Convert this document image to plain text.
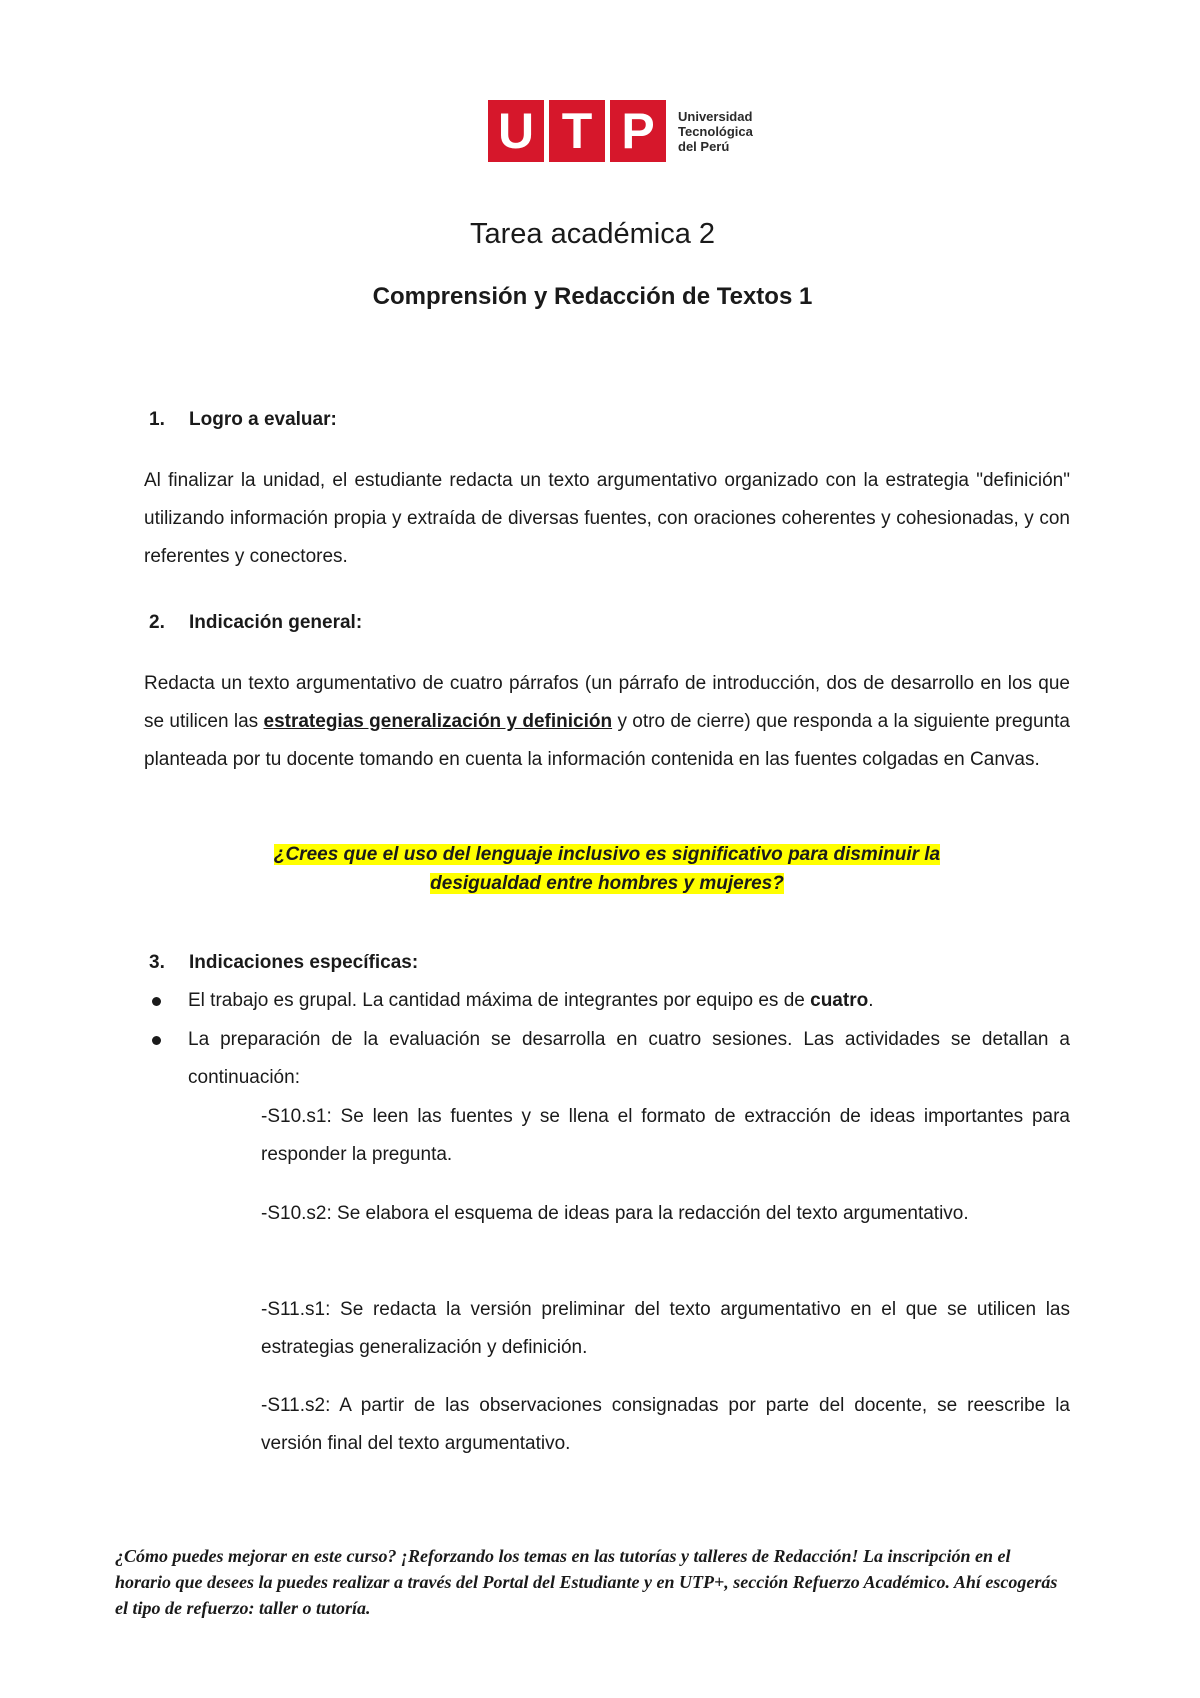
U T P	Universidad
Tecnológica
del Perú
Tarea académica 2
Comprensión y Redacción de Textos 1
1. Logro a evaluar:
Al finalizar la unidad, el estudiante redacta un texto argumentativo organizado con la estrategia "definición" utilizando información propia y extraída de diversas fuentes, con oraciones coherentes y cohesionadas, y con referentes y conectores.
2. Indicación general:
Redacta un texto argumentativo de cuatro párrafos (un párrafo de introducción, dos de desarrollo en los que se utilicen las estrategias generalización y definición y otro de cierre) que responda a la siguiente pregunta planteada por tu docente tomando en cuenta la información contenida en las fuentes colgadas en Canvas.
¿Crees que el uso del lenguaje inclusivo es significativo para disminuir la
desigualdad entre hombres y mujeres?
3. Indicaciones específicas:
El trabajo es grupal. La cantidad máxima de integrantes por equipo es de cuatro.
La preparación de la evaluación se desarrolla en cuatro sesiones. Las actividades se detallan a continuación:
-S10.s1: Se leen las fuentes y se llena el formato de extracción de ideas importantes para responder la pregunta.
-S10.s2: Se elabora el esquema de ideas para la redacción del texto argumentativo.
-S11.s1: Se redacta la versión preliminar del texto argumentativo en el que se utilicen las estrategias generalización y definición.
-S11.s2: A partir de las observaciones consignadas por parte del docente, se reescribe la versión final del texto argumentativo.
¿Cómo puedes mejorar en este curso? ¡Reforzando los temas en las tutorías y talleres de Redacción! La inscripción en el horario que desees la puedes realizar a través del Portal del Estudiante y en UTP+, sección Refuerzo Académico. Ahí escogerás el tipo de refuerzo: taller o tutoría.
